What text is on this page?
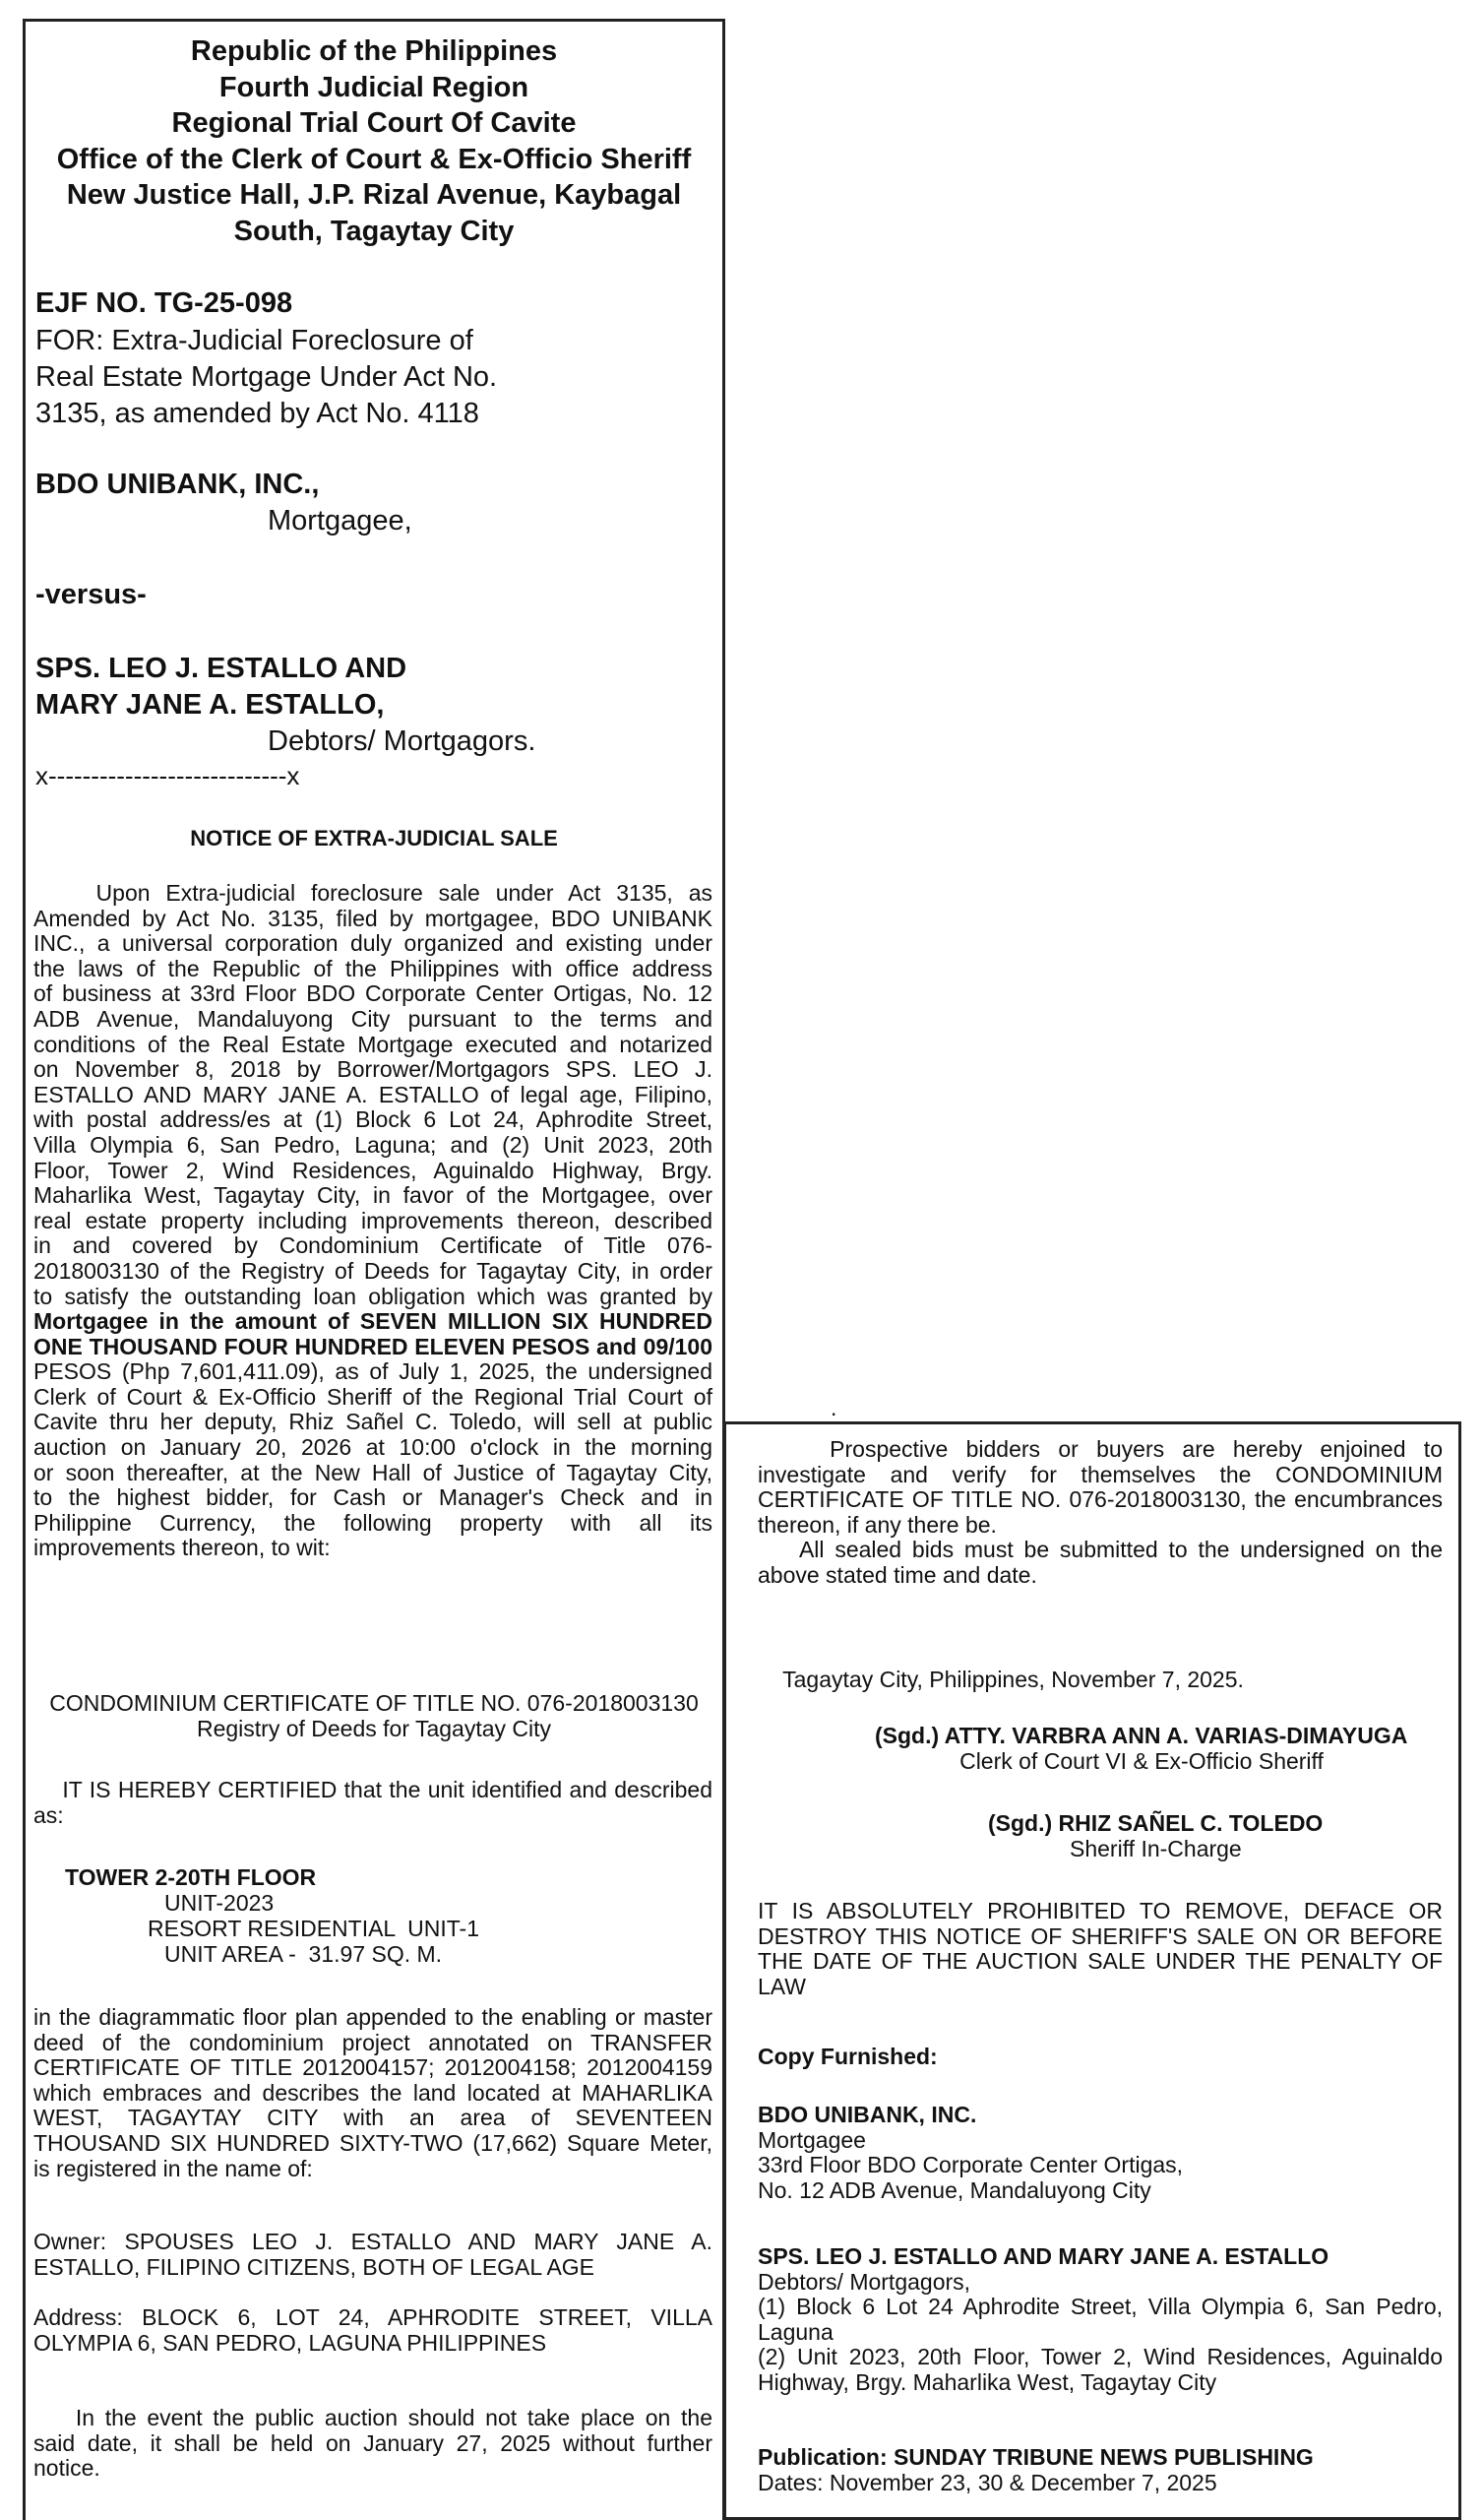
Republic of the Philippines

Fourth Judicial Region

Regional Trial Court Of Cavite

Office of the Clerk of Court & Ex-Officio Sheriff

New Justice Hall, J.P. Rizal Avenue, Kaybagal

South, Tagaytay City

EJF NO. TG-25-098

FOR: Extra-Judicial Foreclosure of

Real Estate Mortgage Under Act No.

3135, as amended by Act No. 4118

BDO UNIBANK, INC.,

Mortgagee,

-versus-

SPS. LEO J. ESTALLO AND

MARY JANE A. ESTALLO,

Debtors/ Mortgagors.

x----------------------------x

NOTICE OF EXTRA-JUDICIAL SALE

Upon Extra-judicial foreclosure sale under Act 3135, as
Amended by Act No. 3135, filed by mortgagee, BDO UNIBANK
INC., a universal corporation duly organized and existing under
the laws of the Republic of the Philippines with office address
of business at 33rd Floor BDO Corporate Center Ortigas, No. 12
ADB Avenue, Mandaluyong City pursuant to the terms and
conditions of the Real Estate Mortgage executed and notarized
on November 8, 2018 by Borrower/Mortgagors SPS. LEO J.
ESTALLO AND MARY JANE A. ESTALLO of legal age, Filipino,
with postal address/es at (1) Block 6 Lot 24, Aphrodite Street,
Villa Olympia 6, San Pedro, Laguna; and (2) Unit 2023, 20th
Floor, Tower 2, Wind Residences, Aguinaldo Highway, Brgy.
Maharlika West, Tagaytay City, in favor of the Mortgagee, over
real estate property including improvements thereon, described
in and covered by Condominium Certificate of Title 076-
2018003130 of the Registry of Deeds for Tagaytay City, in order
to satisfy the outstanding loan obligation which was granted by
Mortgagee in the amount of SEVEN MILLION SIX HUNDRED
ONE THOUSAND FOUR HUNDRED ELEVEN PESOS and 09/100
PESOS (Php 7,601,411.09), as of July 1, 2025, the undersigned
Clerk of Court & Ex-Officio Sheriff of the Regional Trial Court of
Cavite thru her deputy, Rhiz Sañel C. Toledo, will sell at public
auction on January 20, 2026 at 10:00 o'clock in the morning
or soon thereafter, at the New Hall of Justice of Tagaytay City,
to the highest bidder, for Cash or Manager's Check and in
Philippine Currency, the following property with all its
improvements thereon, to wit:

CONDOMINIUM CERTIFICATE OF TITLE NO. 076-2018003130

Registry of Deeds for Tagaytay City

IT IS HEREBY CERTIFIED that the unit identified and described
as:

TOWER 2-20TH FLOOR

UNIT-2023

RESORT RESIDENTIAL  UNIT-1

UNIT AREA -  31.97 SQ. M.

in the diagrammatic floor plan appended to the enabling or master
deed of the condominium project annotated on TRANSFER
CERTIFICATE OF TITLE 2012004157; 2012004158; 2012004159
which embraces and describes the land located at MAHARLIKA
WEST, TAGAYTAY CITY with an area of SEVENTEEN
THOUSAND SIX HUNDRED SIXTY-TWO (17,662) Square Meter,
is registered in the name of:
Owner: SPOUSES LEO J. ESTALLO AND MARY JANE A.
ESTALLO, FILIPINO CITIZENS, BOTH OF LEGAL AGE
Address: BLOCK 6, LOT 24, APHRODITE STREET, VILLA
OLYMPIA 6, SAN PEDRO, LAGUNA PHILIPPINES
In the event the public auction should not take place on the
said date, it shall be held on January 27, 2025 without further
notice.

.

Prospective bidders or buyers are hereby enjoined to
investigate and verify for themselves the CONDOMINIUM
CERTIFICATE OF TITLE NO. 076-2018003130, the encumbrances
thereon, if any there be.
All sealed bids must be submitted to the undersigned on the
above stated time and date.

Tagaytay City, Philippines, November 7, 2025.

(Sgd.) ATTY. VARBRA ANN A. VARIAS-DIMAYUGA

Clerk of Court VI & Ex-Officio Sheriff

(Sgd.) RHIZ SAÑEL C. TOLEDO

Sheriff In-Charge

IT IS ABSOLUTELY PROHIBITED TO REMOVE, DEFACE OR
DESTROY THIS NOTICE OF SHERIFF'S SALE ON OR BEFORE
THE DATE OF THE AUCTION SALE UNDER THE PENALTY OF
LAW

Copy Furnished:

BDO UNIBANK, INC.
Mortgagee
33rd Floor BDO Corporate Center Ortigas,
No. 12 ADB Avenue, Mandaluyong City
SPS. LEO J. ESTALLO AND MARY JANE A. ESTALLO
Debtors/ Mortgagors,
(1) Block 6 Lot 24 Aphrodite Street, Villa Olympia 6, San Pedro,
Laguna
(2) Unit 2023, 20th Floor, Tower 2, Wind Residences, Aguinaldo
Highway, Brgy. Maharlika West, Tagaytay City

Publication: SUNDAY TRIBUNE NEWS PUBLISHING

Dates: November 23, 30 & December 7, 2025
